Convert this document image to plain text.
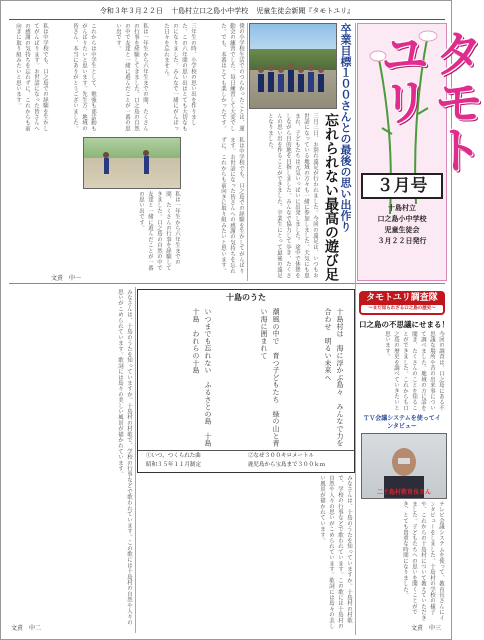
令和３年３月２２日 十島村立口之島小中学校 児童生徒会新聞『タモトユリ』
タモトユリ
３月号
十島村立
口之島小中学校
児童生徒会
３月２２日発行
卒業目標１００さんとの最後の思い出作り
忘れられない最高の遊び足
三月三日、お別れ遠足が行われました。今回の遠足は、いつもお世話になっている地域の方々も一緒に参加しました。天気にも恵まれ、子どもたちは元気いっぱいに出発しました。途中で休憩をしながら目的地を目指しました。みんなで協力して歩き、たくさんの思い出を作ることができました。卒業生にとって最後の遠足となりました。
僕の小学校生活でのつらかったことは、運動会の練習でした。毎日練習して大変でした。でも、本番はとても楽しかったです。
三年生の時、小学校の思い出を作りました。この六年間の思い出はとても大切なものになりました。みんなで一緒にがんばった日々を忘れません。
私は一年生から六年生までの間、たくさんの行事を経験してきました。口之島の自然の中で友達と一緒に遊んだことが一番の思い出です。
これからは中学生として、勉強も部活動もがんばりたいと思います。先生方、地域の皆さん、本当にありがとうございました。
私は中学校でも、口之島での経験を生かしてがんばります。お世話になった皆さんへの感謝の気持ちを忘れずに、これからも前向きに取り組みたいと思います。
私は中学校でも、口之島での経験を生かしてがんばります。お世話になった皆さんへの感謝の気持ちを忘れずに、これからも前向きに取り組みたいと思います。
私は一年生から六年生までの間、たくさんの行事を経験してきました。口之島の自然の中で友達と一緒に遊んだことが一番の思い出です。
文責　中一
十島のうた
十島村は　海に浮かぶ島々　みんなで力を合わせ　明るい未来へ
潮風の中で　育つ子どもたち　緑の山と青い海に囲まれて
いつまでも忘れない　ふるさとの島　十島　十島　われらの十島
①いつ、つくられた曲
昭和３５年１１月制定
②なぜ３００キロメートル
鹿児島から宝島まで３００ｋｍ
みなさんは、十島のうたを知っていますか。十島村の村歌で、学校の行事などで歌われています。この歌には十島村の自然や人々の思いがこめられています。歌詞には島々の美しい風景が描かれています。
文責　中二
みなさんは、十島のうたを知っていますか。十島村の村歌で、学校の行事などで歌われています。この歌には十島村の自然や人々の思いがこめられています。歌詞には島々の美しい風景が描かれています。
タモトユリ調査隊
〜まだ知られざる口之島の歴史〜
口之島の不思議にせまる！
今回の調査は、口之島にある不思議な場所や昔の出来事について調べました。地域の方に話を聞き、たくさんのことを知ることができました。これからも口之島の歴史を調べていきたいと思います。
ＴＶ会議システムを使ってインタビュー
二十島村教育長さん
テレビ会議システムを使って、教育長さんにインタビューをしました。十島村の学校の様子や、これからの十島村について教えていただきました。子どもたちへの思いを聞くことができ、とても貴重な時間になりました。
文責　中三
